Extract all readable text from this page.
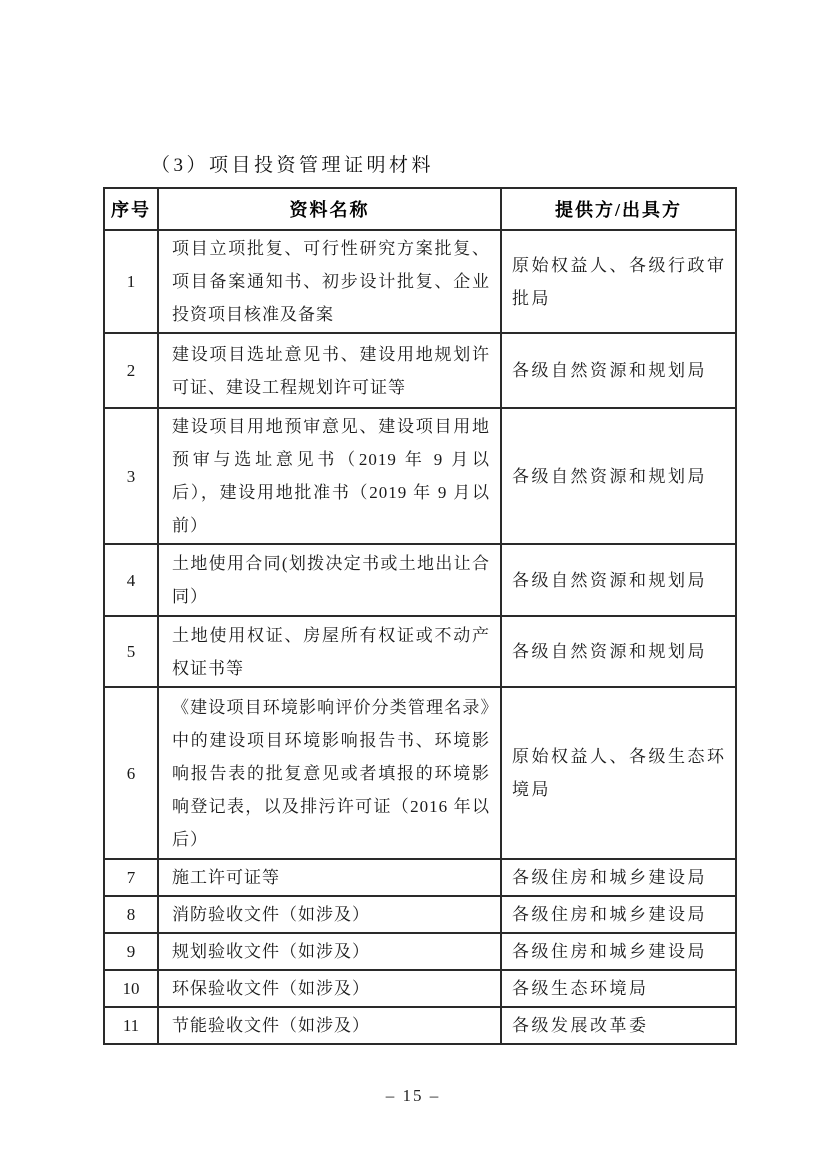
（3）项目投资管理证明材料
序号	资料名称	提供方/出具方
1	项目立项批复、可行性研究方案批复、项目备案通知书、初步设计批复、企业投资项目核准及备案	原始权益人、各级行政审批局
2	建设项目选址意见书、建设用地规划许可证、建设工程规划许可证等	各级自然资源和规划局
3	建设项目用地预审意见、建设项目用地预审与选址意见书（2019 年 9 月以后），建设用地批准书（2019 年 9 月以前）	各级自然资源和规划局
4	土地使用合同(划拨决定书或土地出让合同）	各级自然资源和规划局
5	土地使用权证、房屋所有权证或不动产权证书等	各级自然资源和规划局
6	《建设项目环境影响评价分类管理名录》中的建设项目环境影响报告书、环境影响报告表的批复意见或者填报的环境影响登记表，以及排污许可证（2016 年以后）	原始权益人、各级生态环境局
7	施工许可证等	各级住房和城乡建设局
8	消防验收文件（如涉及）	各级住房和城乡建设局
9	规划验收文件（如涉及）	各级住房和城乡建设局
10	环保验收文件（如涉及）	各级生态环境局
11	节能验收文件（如涉及）	各级发展改革委
– 15 –
